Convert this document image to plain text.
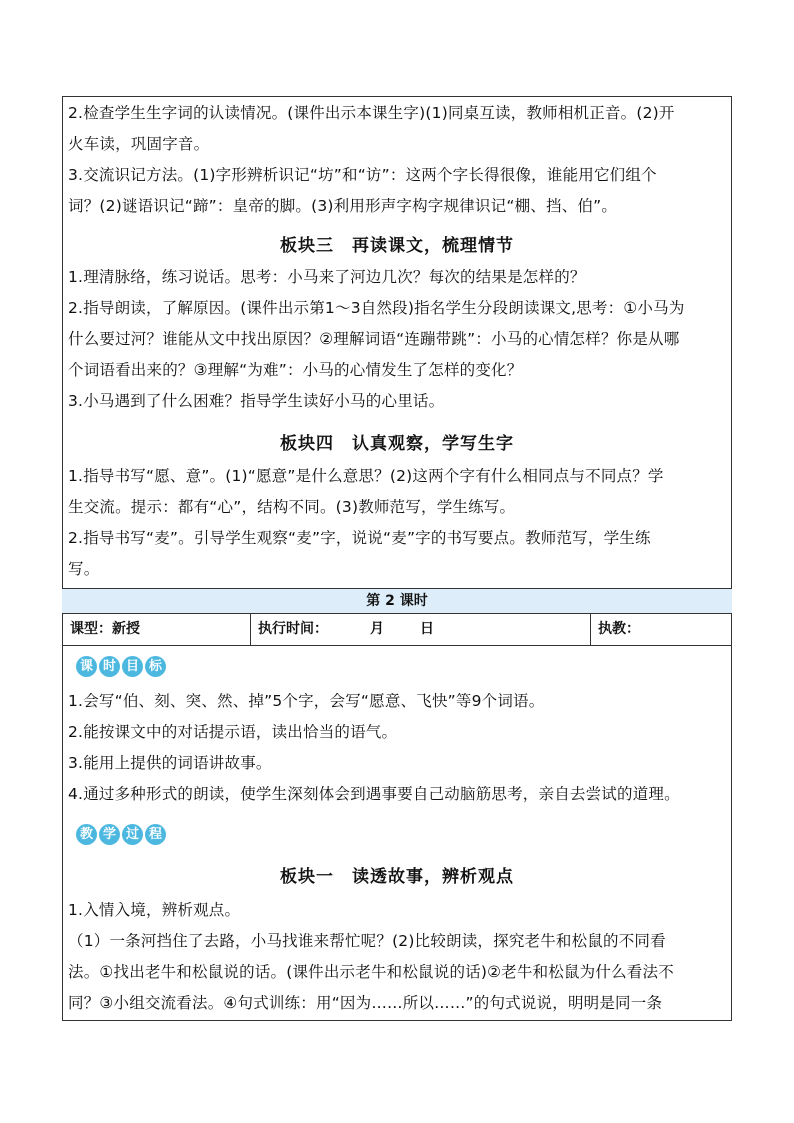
2.检查学生生字词的认读情况。(课件出示本课生字)(1)同桌互读，教师相机正音。(2)开
火车读，巩固字音。
3.交流识记方法。(1)字形辨析识记“坊”和“访”：这两个字长得很像，谁能用它们组个
词？(2)谜语识记“蹄”：皇帝的脚。(3)利用形声字构字规律识记“棚、挡、伯”。
板块三　再读课文，梳理情节
1.理清脉络，练习说话。思考：小马来了河边几次？每次的结果是怎样的？
2.指导朗读，了解原因。(课件出示第1～3自然段)指名学生分段朗读课文,思考：①小马为
什么要过河？谁能从文中找出原因？②理解词语“连蹦带跳”：小马的心情怎样？你是从哪
个词语看出来的？③理解“为难”：小马的心情发生了怎样的变化？
3.小马遇到了什么困难？指导学生读好小马的心里话。
板块四　认真观察，学写生字
1.指导书写“愿、意”。(1)“愿意”是什么意思？(2)这两个字有什么相同点与不同点？学
生交流。提示：都有“心”，结构不同。(3)教师范写，学生练写。
2.指导书写“麦”。引导学生观察“麦”字，说说“麦”字的书写要点。教师范写，学生练
写。
第 2 课时
课型：新授	执行时间：	月	日	执教：
课 时 目 标
1.会写“伯、刻、突、然、掉”5个字，会写“愿意、飞快”等9个词语。
2.能按课文中的对话提示语，读出恰当的语气。
3.能用上提供的词语讲故事。
4.通过多种形式的朗读，使学生深刻体会到遇事要自己动脑筋思考，亲自去尝试的道理。
教 学 过 程
板块一　读透故事，辨析观点
1.入情入境，辨析观点。
（1）一条河挡住了去路，小马找谁来帮忙呢？(2)比较朗读，探究老牛和松鼠的不同看
法。①找出老牛和松鼠说的话。(课件出示老牛和松鼠说的话)②老牛和松鼠为什么看法不
同？③小组交流看法。④句式训练：用“因为……所以……”的句式说说，明明是同一条
